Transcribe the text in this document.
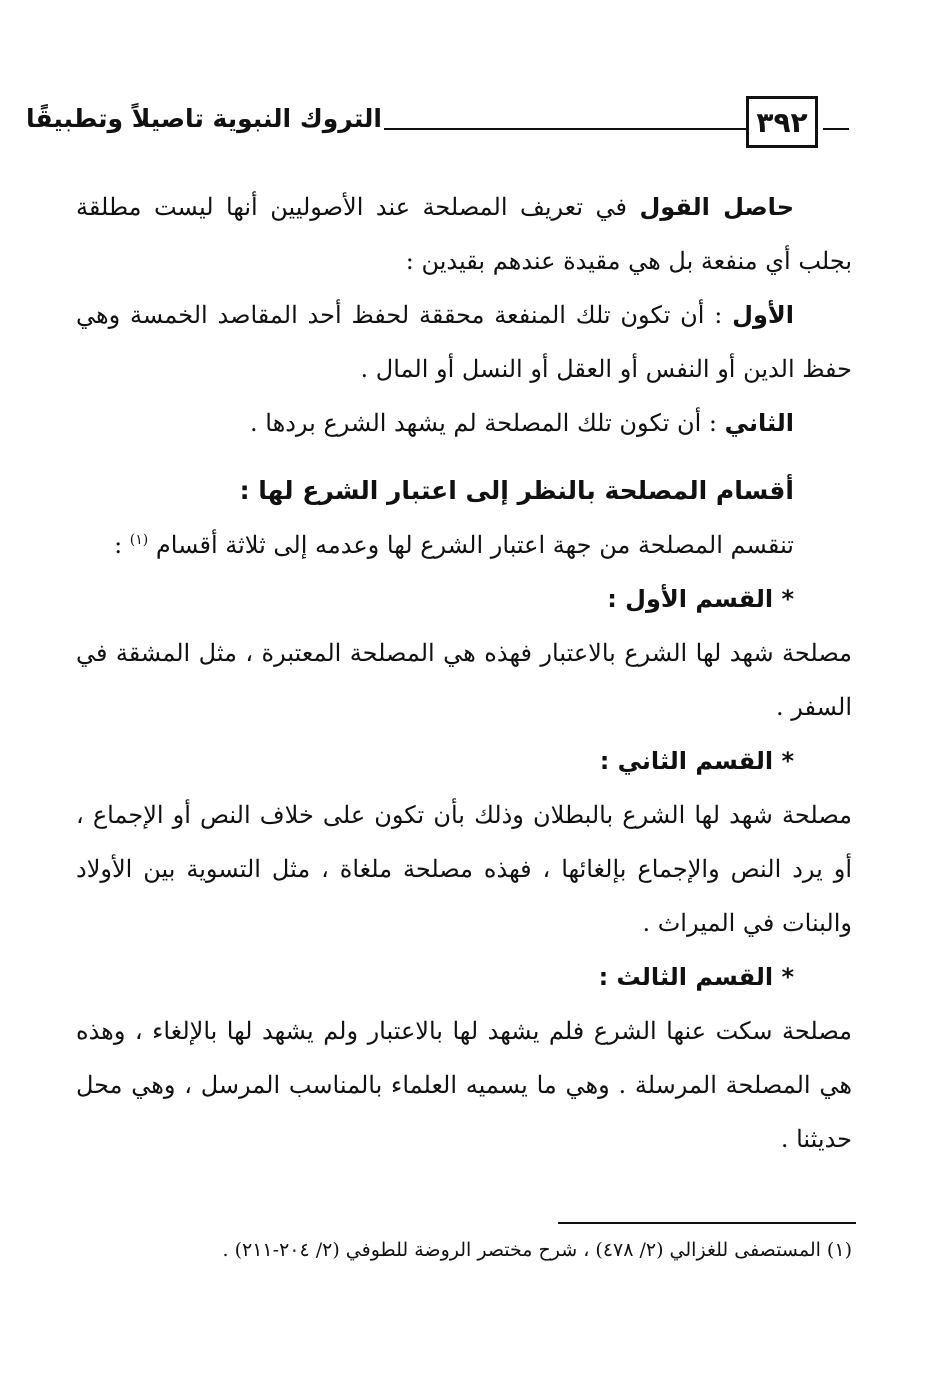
٣٩٢
التروك النبوية تاصيلاً وتطبيقًا

حاصل القول في تعريف المصلحة عند الأصوليين أنها ليست مطلقة بجلب أي منفعة بل هي مقيدة عندهم بقيدين :

الأول : أن تكون تلك المنفعة محققة لحفظ أحد المقاصد الخمسة وهي حفظ الدين أو النفس أو العقل أو النسل أو المال .

الثاني : أن تكون تلك المصلحة لم يشهد الشرع بردها .

أقسام المصلحة بالنظر إلى اعتبار الشرع لها :

تنقسم المصلحة من جهة اعتبار الشرع لها وعدمه إلى ثلاثة أقسام $^{(١)}$ :

* القسم الأول :

مصلحة شهد لها الشرع بالاعتبار فهذه هي المصلحة المعتبرة ، مثل المشقة في السفر .

* القسم الثاني :

مصلحة شهد لها الشرع بالبطلان وذلك بأن تكون على خلاف النص أو الإجماع ، أو يرد النص والإجماع بإلغائها ، فهذه مصلحة ملغاة ، مثل التسوية بين الأولاد والبنات في الميراث .

* القسم الثالث :

مصلحة سكت عنها الشرع فلم يشهد لها بالاعتبار ولم يشهد لها بالإلغاء ، وهذه هي المصلحة المرسلة . وهي ما يسميه العلماء بالمناسب المرسل ، وهي محل حديثنا .

(١) المستصفى للغزالي (٢/ ٤٧٨) ، شرح مختصر الروضة للطوفي (٢/ ٢٠٤-٢١١) .
